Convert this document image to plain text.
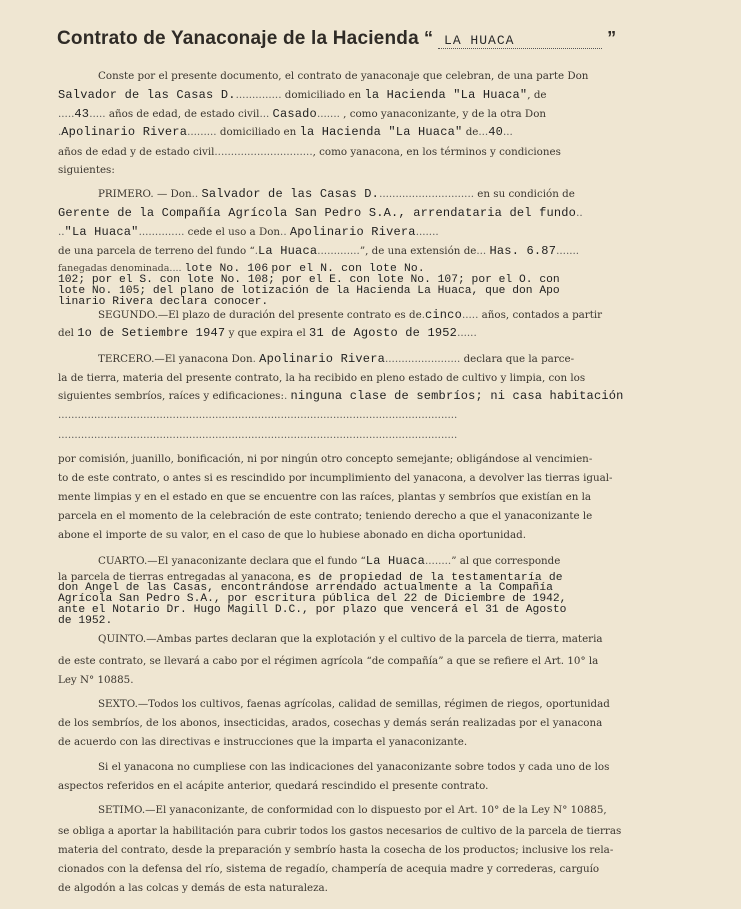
Contrato de Yanaconaje de la Hacienda “ LA HUACA	”
Conste por el presente documento, el contrato de yanaconaje que celebran, de una parte Don
Salvador de las Casas D............... domiciliado en la Hacienda "La Huaca", de
.....43..... años de edad, de estado civil... Casado....... , como yanaconizante, y de la otra Don
.Apolinario Rivera......... domiciliado en la Hacienda "La Huaca" de...40...
años de edad y de estado civil.............................., como yanacona, en los términos y condiciones
siguientes:
PRIMERO. — Don.. Salvador de las Casas D.............................. en su condición de
Gerente de la Compañía Agrícola San Pedro S.A., arrendataria del fundo..
.."La Huaca".............. cede el uso a Don.. Apolinario Rivera.......
de una parcela de terreno del fundo “.La Huaca.............”, de una extensión de... Has. 6.87.......
fanegadas denominada.... lote No. 106 por el N. con lote No.
102; por el S. con lote No. 108; por el E. con lote No. 107; por el O. con
lote No. 105; del plano de lotización de la Hacienda La Huaca, que don Apo
linario Rivera declara conocer.
SEGUNDO.—El plazo de duración del presente contrato es de.cinco..... años, contados a partir
del 1o de Setiembre 1947 y que expira el 31 de Agosto de 1952......
TERCERO.—El yanacona Don. Apolinario Rivera....................... declara que la parce-
la de tierra, materia del presente contrato, la ha recibido en pleno estado de cultivo y limpia, con los
siguientes sembríos, raíces y edificaciones:. ninguna clase de sembríos; ni casa habitación
..........................................................................................................................
..........................................................................................................................
por comisión, juanillo, bonificación, ni por ningún otro concepto semejante; obligándose al vencimien-
to de este contrato, o antes si es rescindido por incumplimiento del yanacona, a devolver las tierras igual-
mente limpias y en el estado en que se encuentre con las raíces, plantas y sembríos que existían en la
parcela en el momento de la celebración de este contrato; teniendo derecho a que el yanaconizante le
abone el importe de su valor, en el caso de que lo hubiese abonado en dicha oportunidad.
CUARTO.—El yanaconizante declara que el fundo “La Huaca........” al que corresponde
la parcela de tierras entregadas al yanacona, es de propiedad de la testamentaría de
don Angel de las Casas, encontrándose arrendado actualmente a la Compañía
Agrícola San Pedro S.A., por escritura pública del 22 de Diciembre de 1942,
ante el Notario Dr. Hugo Magill D.C., por plazo que vencerá el 31 de Agosto
de 1952.
QUINTO.—Ambas partes declaran que la explotación y el cultivo de la parcela de tierra, materia
de este contrato, se llevará a cabo por el régimen agrícola “de compañía” a que se refiere el Art. 10° la
Ley N° 10885.
SEXTO.—Todos los cultivos, faenas agrícolas, calidad de semillas, régimen de riegos, oportunidad
de los sembríos, de los abonos, insecticidas, arados, cosechas y demás serán realizadas por el yanacona
de acuerdo con las directivas e instrucciones que la imparta el yanaconizante.
Si el yanacona no cumpliese con las indicaciones del yanaconizante sobre todos y cada uno de los
aspectos referidos en el acápite anterior, quedará rescindido el presente contrato.
SETIMO.—El yanaconizante, de conformidad con lo dispuesto por el Art. 10° de la Ley N° 10885,
se obliga a aportar la habilitación para cubrir todos los gastos necesarios de cultivo de la parcela de tierras
materia del contrato, desde la preparación y sembrío hasta la cosecha de los productos; inclusive los rela-
cionados con la defensa del río, sistema de regadío, champería de acequia madre y correderas, carguío
de algodón a las colcas y demás de esta naturaleza.
